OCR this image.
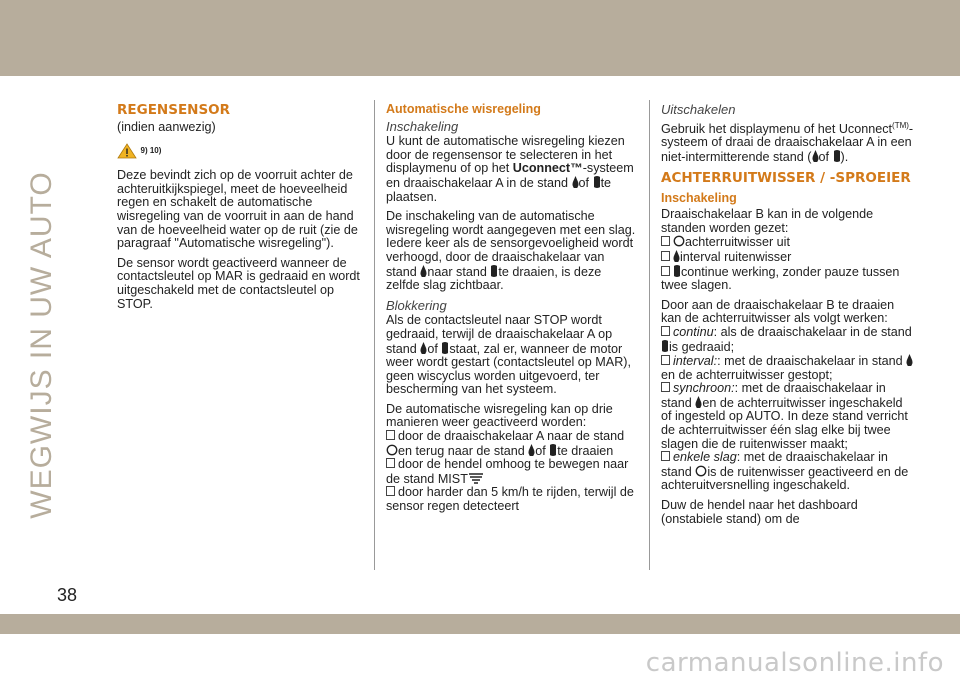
carmanualsonline.info
WEGWIJS IN UW AUTO
38
REGENSENSOR

(indien aanwezig)

$^{9) 10)}$

Deze bevindt zich op de voorruit achter de achteruitkijkspiegel, meet de hoeveelheid regen en schakelt de automatische wisregeling van de voorruit in aan de hand van de hoeveelheid water op de ruit (zie de paragraaf "Automatische wisregeling").

De sensor wordt geactiveerd wanneer de contactsleutel op MAR is gedraaid en wordt uitgeschakeld met de contactsleutel op STOP.

Automatische wisregeling
Inschakeling

U kunt de automatische wisregeling kiezen door de regensensor te selecteren in het displaymenu of op het Uconnect™-systeem en draaischakelaar A in de stand of te plaatsen.

De inschakeling van de automatische wisregeling wordt aangegeven met een slag. Iedere keer als de sensorgevoeligheid wordt verhoogd, door de draaischakelaar van stand naar stand te draaien, is deze zelfde slag zichtbaar.

Blokkering

Als de contactsleutel naar STOP wordt gedraaid, terwijl de draaischakelaar A op stand of staat, zal er, wanneer de motor weer wordt gestart (contactsleutel op MAR), geen wiscyclus worden uitgevoerd, ter bescherming van het systeem.

De automatische wisregeling kan op drie manieren weer geactiveerd worden:

door de draaischakelaar A naar de stand en terug naar de stand of te draaien
door de hendel omhoog te bewegen naar de stand MIST
door harder dan 5 km/h te rijden, terwijl de sensor regen detecteert
Uitschakelen

Gebruik het displaymenu of het Uconnect$^{(TM)}$-systeem of draai de draaischakelaar A in een niet-intermitterende stand ( of ).

ACHTERRUITWISSER / -SPROEIER
Inschakeling

Draaischakelaar B kan in de volgende standen worden gezet:

achterruitwisser uit
interval ruitenwisser
continue werking, zonder pauze tussen twee slagen.

Door aan de draaischakelaar B te draaien kan de achterruitwisser als volgt werken:

continu: als de draaischakelaar in de stand is gedraaid;
interval:: met de draaischakelaar in stand en de achterruitwisser gestopt;
synchroon:: met de draaischakelaar in stand en de achterruitwisser ingeschakeld of ingesteld op AUTO. In deze stand verricht de achterruitwisser één slag elke bij twee slagen die de ruitenwisser maakt;
enkele slag: met de draaischakelaar in stand is de ruitenwisser geactiveerd en de achteruitversnelling ingeschakeld.

Duw de hendel naar het dashboard (onstabiele stand) om de
